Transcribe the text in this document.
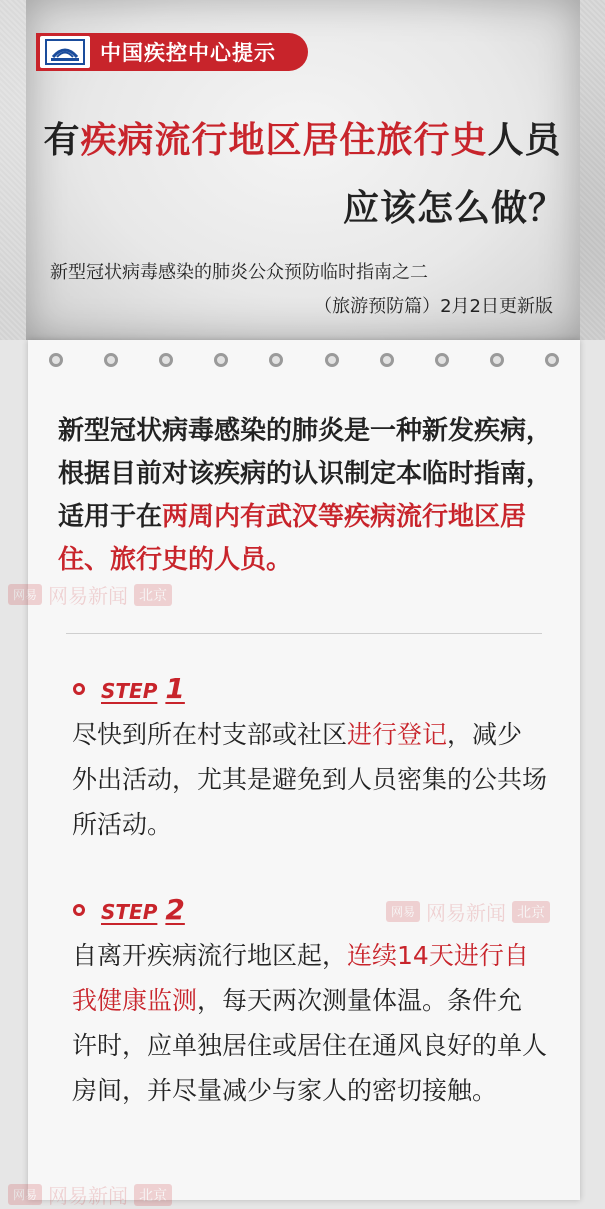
中国疾控中心提示
有疾病流行地区居住旅行史人员
应该怎么做？
新型冠状病毒感染的肺炎公众预防临时指南之二
（旅游预防篇）2月2日更新版
新型冠状病毒感染的肺炎是一种新发疾病，根据目前对该疾病的认识制定本临时指南，适用于在两周内有武汉等疾病流行地区居住、旅行史的人员。
网易 网易新闻 北京
STEP 1
尽快到所在村支部或社区进行登记，减少外出活动，尤其是避免到人员密集的公共场所活动。
网易 网易新闻 北京
STEP 2
自离开疾病流行地区起，连续14天进行自我健康监测，每天两次测量体温。条件允许时，应单独居住或居住在通风良好的单人房间，并尽量减少与家人的密切接触。
网易 网易新闻 北京
